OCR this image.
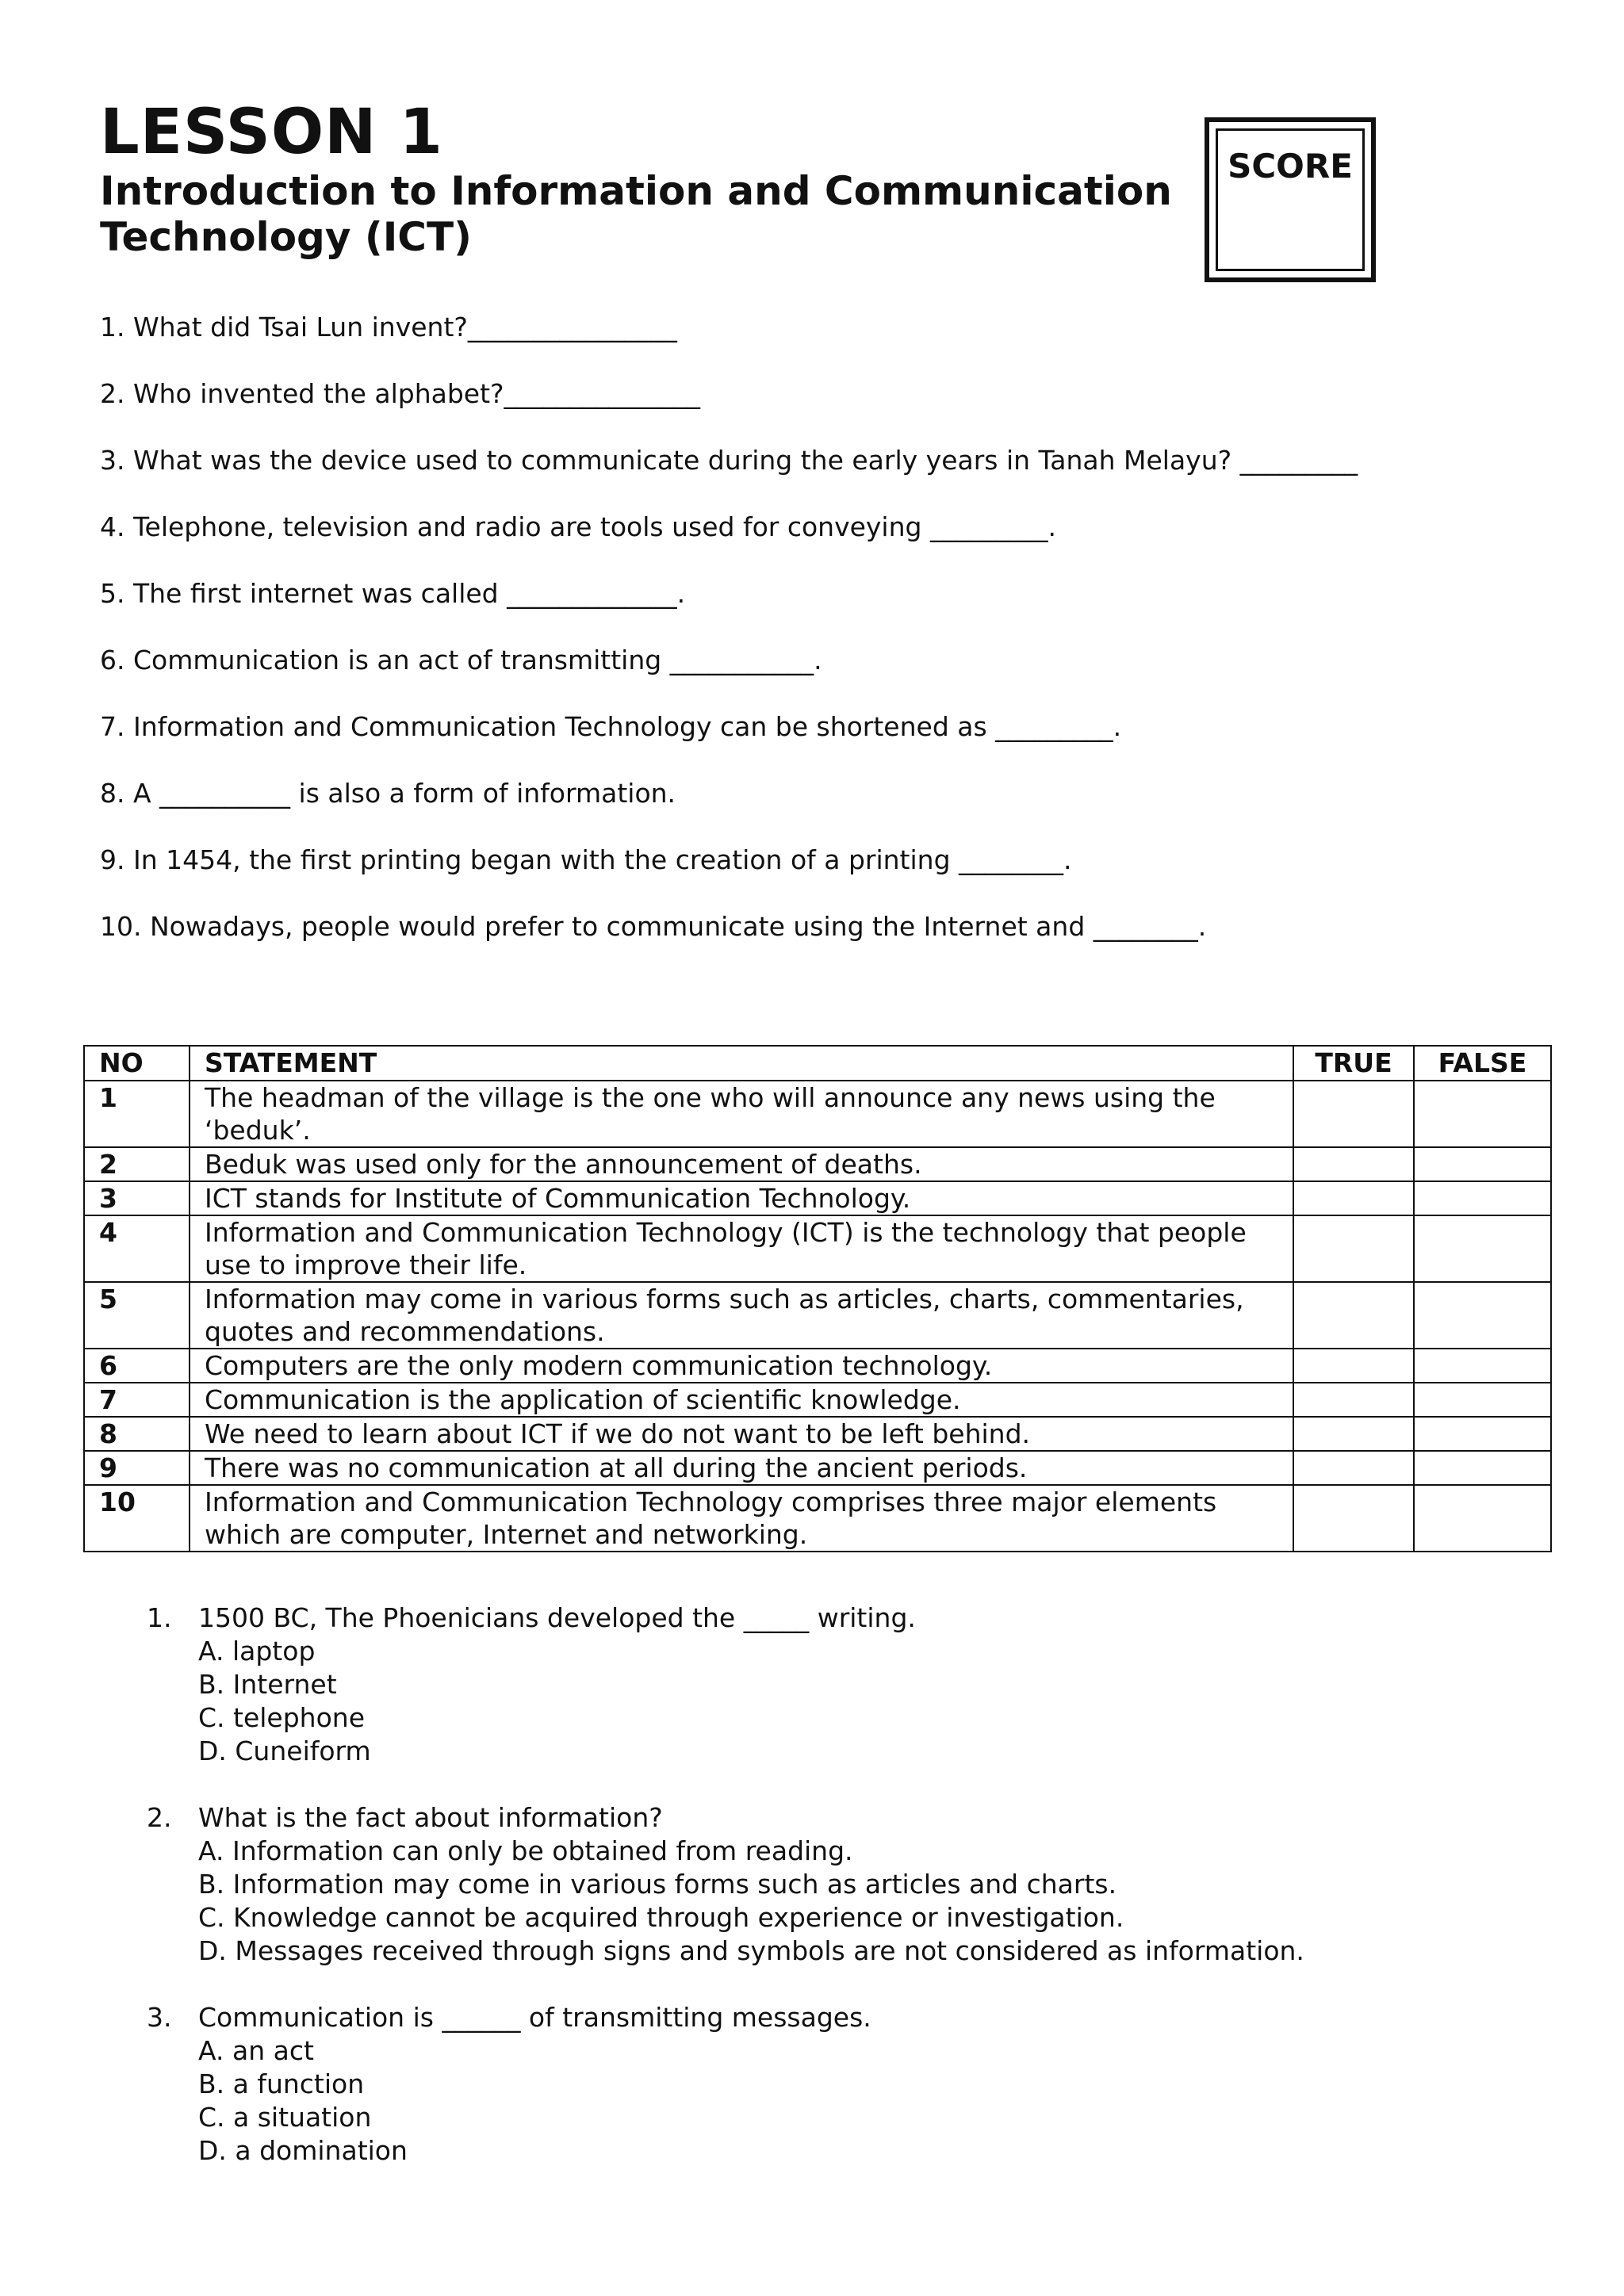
LESSON 1
Introduction to Information and Communication Technology (ICT)
SCORE
1. What did Tsai Lun invent?________________
2. Who invented the alphabet?_______________
3. What was the device used to communicate during the early years in Tanah Melayu? _________
4. Telephone, television and radio are tools used for conveying _________.
5. The first internet was called _____________.
6. Communication is an act of transmitting ___________.
7. Information and Communication Technology can be shortened as _________.
8. A __________ is also a form of information.
9. In 1454, the first printing began with the creation of a printing ________.
10. Nowadays, people would prefer to communicate using the Internet and ________.
NO	STATEMENT	TRUE	FALSE
1	The headman of the village is the one who will announce any news using the ‘beduk’.		
2	Beduk was used only for the announcement of deaths.		
3	ICT stands for Institute of Communication Technology.		
4	Information and Communication Technology (ICT) is the technology that people use to improve their life.		
5	Information may come in various forms such as articles, charts, commentaries, quotes and recommendations.		
6	Computers are the only modern communication technology.		
7	Communication is the application of scientific knowledge.		
8	We need to learn about ICT if we do not want to be left behind.		
9	There was no communication at all during the ancient periods.		
10	Information and Communication Technology comprises three major elements which are computer, Internet and networking.		
1.	1500 BC, The Phoenicians developed the _____ writing.
A. laptop
B. Internet
C. telephone
D. Cuneiform
2.	What is the fact about information?
A. Information can only be obtained from reading.
B. Information may come in various forms such as articles and charts.
C. Knowledge cannot be acquired through experience or investigation.
D. Messages received through signs and symbols are not considered as information.
3.	Communication is ______ of transmitting messages.
A. an act
B. a function
C. a situation
D. a domination
